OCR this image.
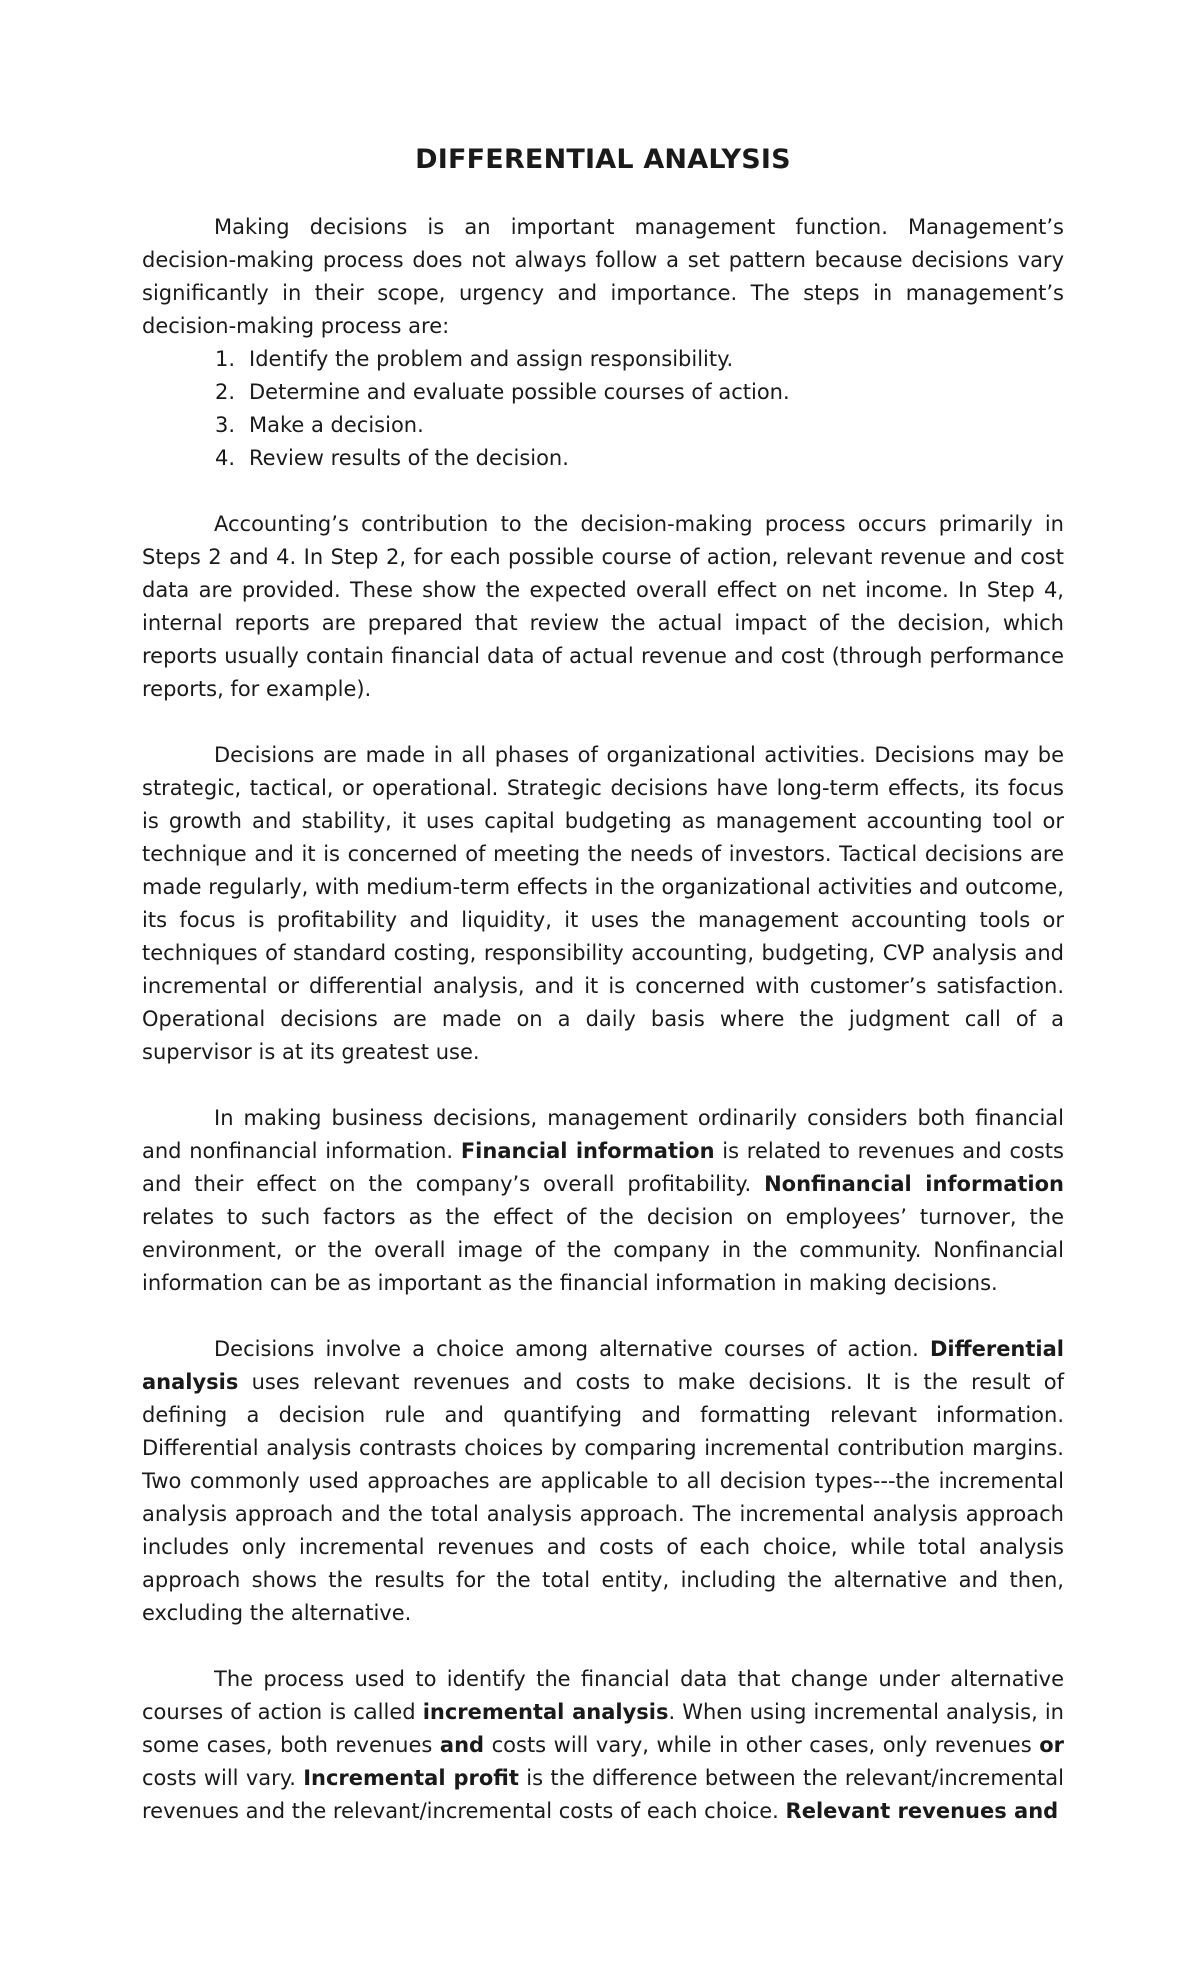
DIFFERENTIAL ANALYSIS

Making decisions is an important management function. Management’s decision-making process does not always follow a set pattern because decisions vary significantly in their scope, urgency and importance. The steps in management’s decision-making process are:

1. Identify the problem and assign responsibility.
2. Determine and evaluate possible courses of action.
3. Make a decision.
4. Review results of the decision.

Accounting’s contribution to the decision-making process occurs primarily in Steps 2 and 4. In Step 2, for each possible course of action, relevant revenue and cost data are provided. These show the expected overall effect on net income. In Step 4, internal reports are prepared that review the actual impact of the decision, which reports usually contain financial data of actual revenue and cost (through performance reports, for example).

Decisions are made in all phases of organizational activities. Decisions may be strategic, tactical, or operational. Strategic decisions have long-term effects, its focus is growth and stability, it uses capital budgeting as management accounting tool or technique and it is concerned of meeting the needs of investors. Tactical decisions are made regularly, with medium-term effects in the organizational activities and outcome, its focus is profitability and liquidity, it uses the management accounting tools or techniques of standard costing, responsibility accounting, budgeting, CVP analysis and incremental or differential analysis, and it is concerned with customer’s satisfaction. Operational decisions are made on a daily basis where the judgment call of a supervisor is at its greatest use.

In making business decisions, management ordinarily considers both financial and nonfinancial information. Financial information is related to revenues and costs and their effect on the company’s overall profitability. Nonfinancial information relates to such factors as the effect of the decision on employees’ turnover, the environment, or the overall image of the company in the community. Nonfinancial information can be as important as the financial information in making decisions.

Decisions involve a choice among alternative courses of action. Differential analysis uses relevant revenues and costs to make decisions. It is the result of defining a decision rule and quantifying and formatting relevant information. Differential analysis contrasts choices by comparing incremental contribution margins. Two commonly used approaches are applicable to all decision types---the incremental analysis approach and the total analysis approach. The incremental analysis approach includes only incremental revenues and costs of each choice, while total analysis approach shows the results for the total entity, including the alternative and then, excluding the alternative.

The process used to identify the financial data that change under alternative courses of action is called incremental analysis. When using incremental analysis, in some cases, both revenues and costs will vary, while in other cases, only revenues or costs will vary. Incremental profit is the difference between the relevant/incremental revenues and the relevant/incremental costs of each choice. Relevant revenues and
